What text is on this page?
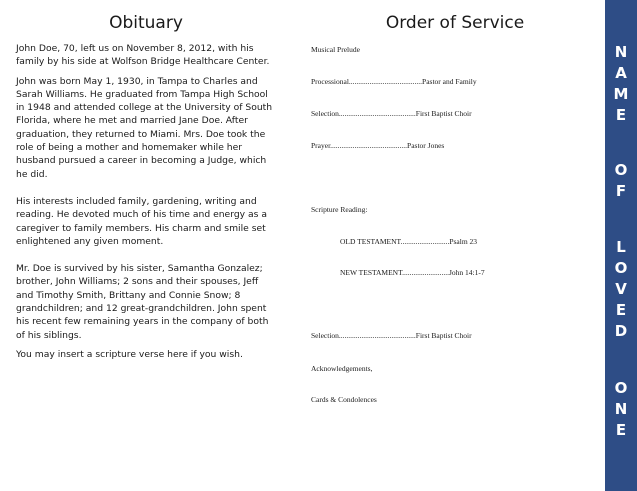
Obituary

John Doe, 70, left us on November 8, 2012, with his family by his side at Wolfson Bridge Healthcare Center.

John was born May 1, 1930, in Tampa to Charles and Sarah Williams. He graduated from Tampa High School in 1948 and attended college at the University of South Florida, where he met and married Jane Doe. After graduation, they returned to Miami. Mrs. Doe took the role of being a mother and homemaker while her husband pursued a career in becoming a Judge, which he did.

His interests included family, gardening, writing and reading. He devoted much of his time and energy as a caregiver to family members. His charm and smile set enlightened any given moment.

Mr. Doe is survived by his sister, Samantha Gonzalez; brother, John Williams; 2 sons and their spouses, Jeff and Timothy Smith, Brittany and Connie Snow; 8 grandchildren; and 12 great-grandchildren. John spent his recent few remaining years in the company of both of his siblings.

You may insert a scripture verse here if you wish.

Order of Service
Musical Prelude
Processional.......................................Pastor and Family
Selection.........................................First Baptist Choir
Prayer.........................................Pastor Jones
Scripture Reading:
OLD TESTAMENT..........................Psalm 23
NEW TESTAMENT.........................John 14:1-7
Selection.........................................First Baptist Choir
Acknowledgements,
Cards & Condolences
N
A
M
E
O
F
L
O
V
E
D
O
N
E
